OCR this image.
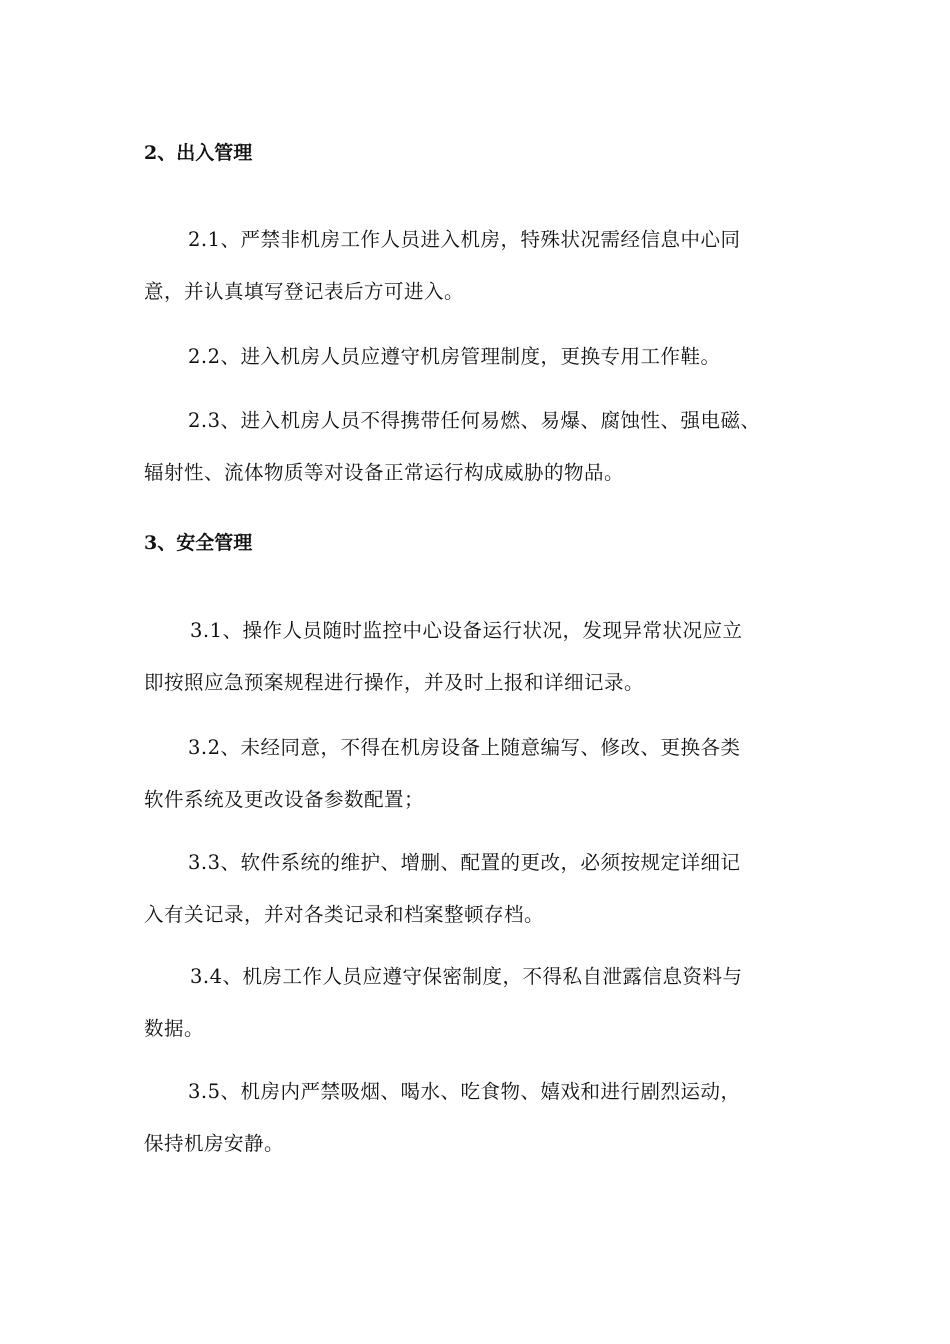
2、出入管理
2.1、严禁非机房工作人员进入机房，特殊状况需经信息中心同
意，并认真填写登记表后方可进入。
2.2、进入机房人员应遵守机房管理制度，更换专用工作鞋。
2.3、进入机房人员不得携带任何易燃、易爆、腐蚀性、强电磁、
辐射性、流体物质等对设备正常运行构成威胁的物品。
3、安全管理
3.1、操作人员随时监控中心设备运行状况，发现异常状况应立
即按照应急预案规程进行操作，并及时上报和详细记录。
3.2、未经同意，不得在机房设备上随意编写、修改、更换各类
软件系统及更改设备参数配置；
3.3、软件系统的维护、增删、配置的更改，必须按规定详细记
入有关记录，并对各类记录和档案整顿存档。
3.4、机房工作人员应遵守保密制度，不得私自泄露信息资料与
数据。
3.5、机房内严禁吸烟、喝水、吃食物、嬉戏和进行剧烈运动，
保持机房安静。
